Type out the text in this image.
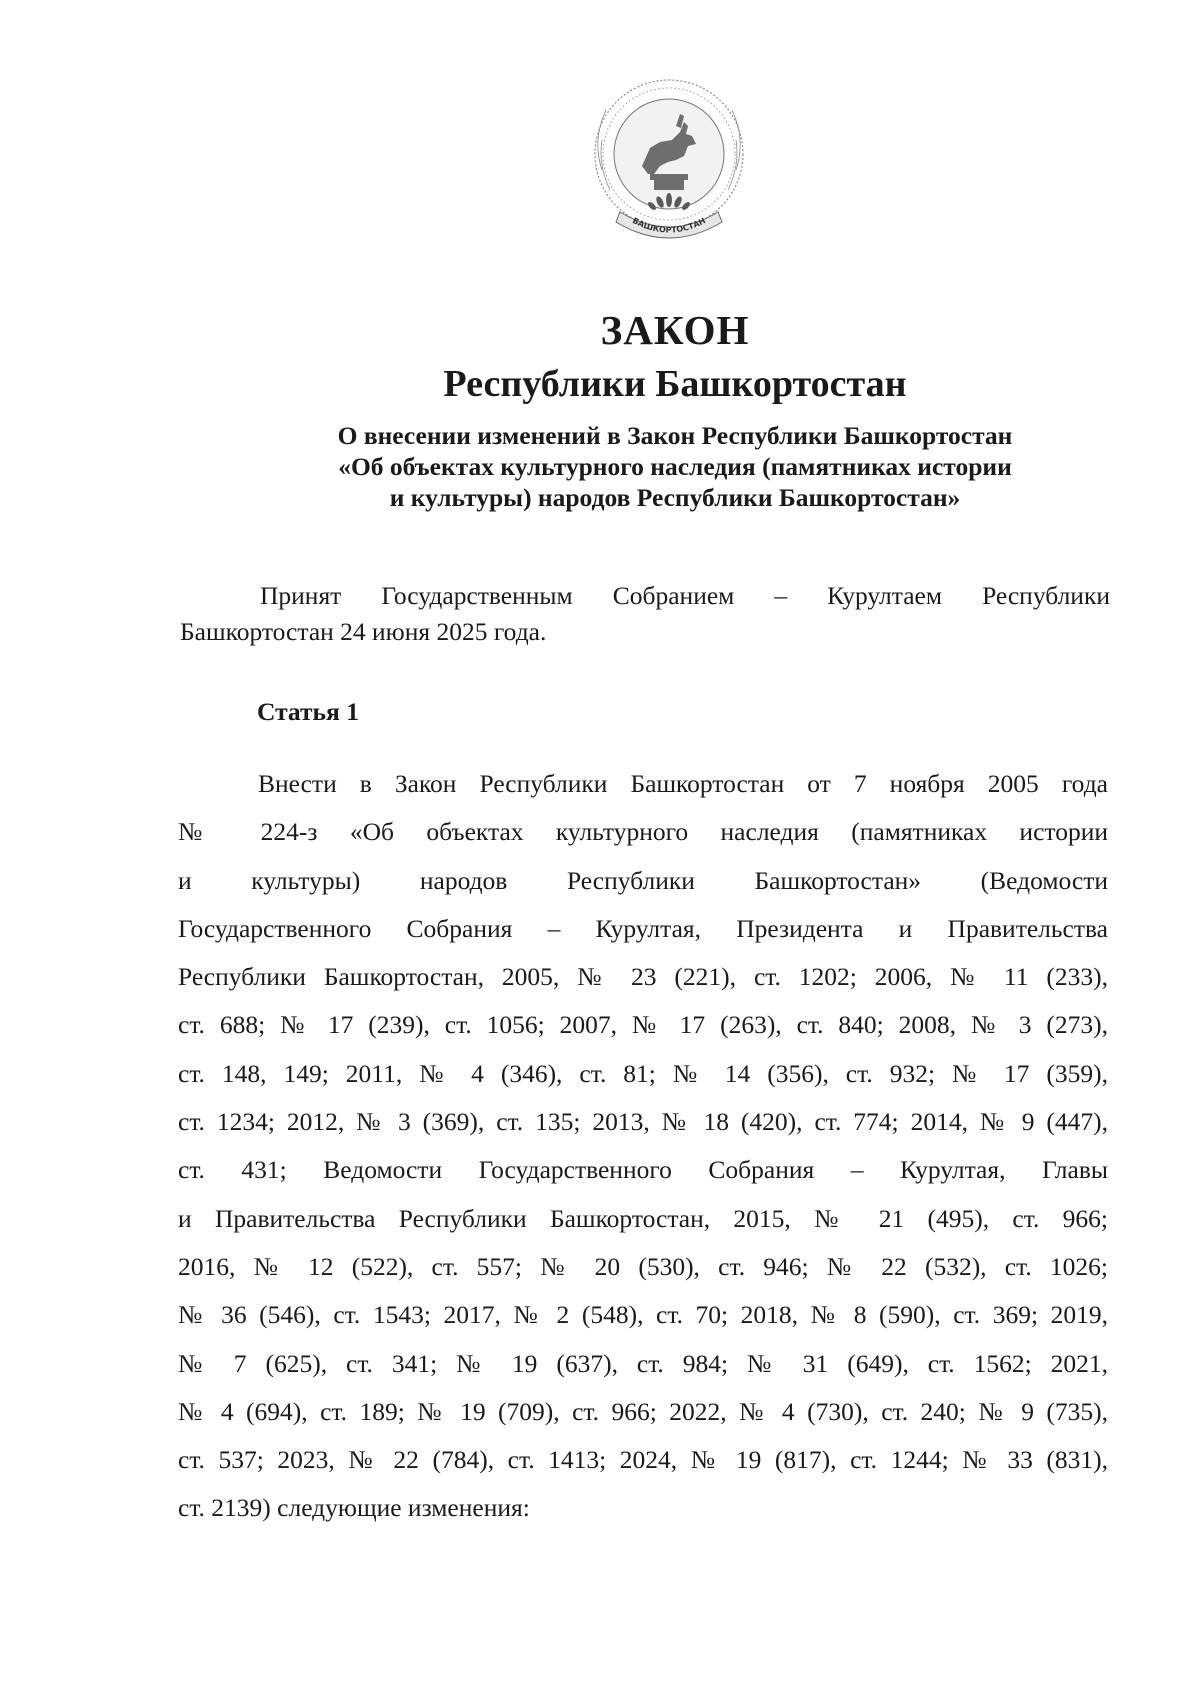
БАШКОРТОСТАН
ЗАКОН
Республики Башкортостан
О внесении изменений в Закон Республики Башкортостан
«Об объектах культурного наследия (памятниках истории
и культуры) народов Республики Башкортостан»
Принят Государственным Собранием – Курултаем Республики
Башкортостан 24 июня 2025 года.
Статья 1
Внести в Закон Республики Башкортостан от 7 ноября 2005 года
№ 224-з «Об объектах культурного наследия (памятниках истории
и культуры) народов Республики Башкортостан» (Ведомости
Государственного Собрания – Курултая, Президента и Правительства
Республики Башкортостан, 2005, № 23 (221), ст. 1202; 2006, № 11 (233),
ст. 688; № 17 (239), ст. 1056; 2007, № 17 (263), ст. 840; 2008, № 3 (273),
ст. 148, 149; 2011, № 4 (346), ст. 81; № 14 (356), ст. 932; № 17 (359),
ст. 1234; 2012, № 3 (369), ст. 135; 2013, № 18 (420), ст. 774; 2014, № 9 (447),
ст. 431; Ведомости Государственного Собрания – Курултая, Главы
и Правительства Республики Башкортостан, 2015, № 21 (495), ст. 966;
2016, № 12 (522), ст. 557; № 20 (530), ст. 946; № 22 (532), ст. 1026;
№ 36 (546), ст. 1543; 2017, № 2 (548), ст. 70; 2018, № 8 (590), ст. 369; 2019,
№ 7 (625), ст. 341; № 19 (637), ст. 984; № 31 (649), ст. 1562; 2021,
№ 4 (694), ст. 189; № 19 (709), ст. 966; 2022, № 4 (730), ст. 240; № 9 (735),
ст. 537; 2023, № 22 (784), ст. 1413; 2024, № 19 (817), ст. 1244; № 33 (831),
ст. 2139) следующие изменения:
